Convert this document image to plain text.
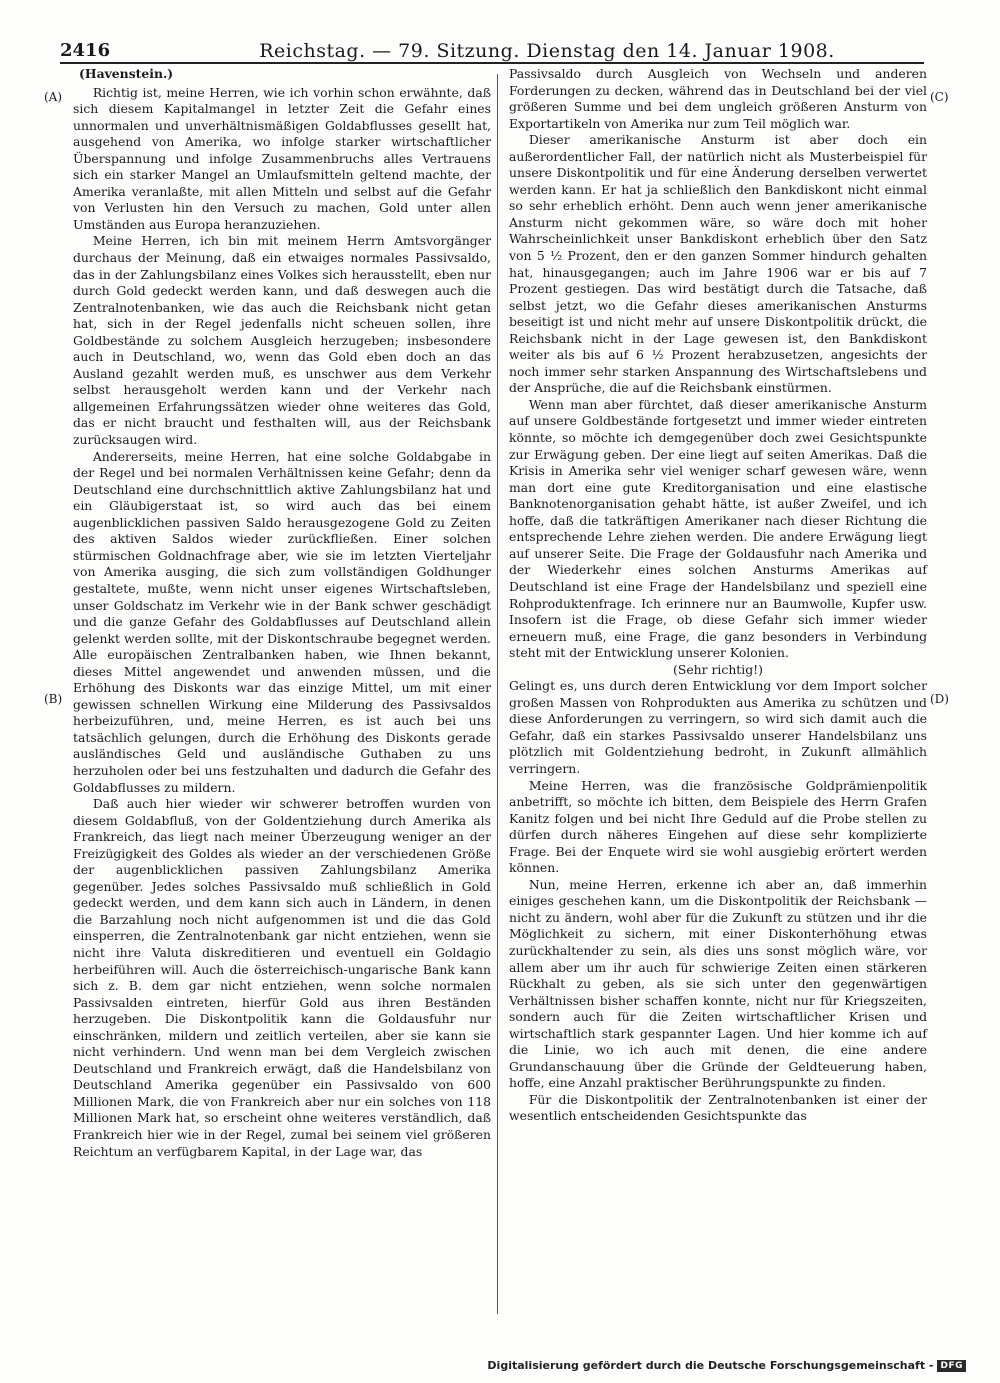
2416	Reichstag. — 79. Sitzung. Dienstag den 14. Januar 1908.
(A)
(B)
(C)
(D)
(Havenstein.)

Richtig ist, meine Herren, wie ich vorhin schon erwähnte, daß sich diesem Kapitalmangel in letzter Zeit die Gefahr eines unnormalen und unverhältnismäßigen Goldabflusses gesellt hat, ausgehend von Amerika, wo infolge starker wirtschaftlicher Überspannung und infolge Zusammenbruchs alles Vertrauens sich ein starker Mangel an Umlaufsmitteln geltend machte, der Amerika veranlaßte, mit allen Mitteln und selbst auf die Gefahr von Verlusten hin den Versuch zu machen, Gold unter allen Umständen aus Europa heranzuziehen.

Meine Herren, ich bin mit meinem Herrn Amtsvorgänger durchaus der Meinung, daß ein etwaiges normales Passivsaldo, das in der Zahlungsbilanz eines Volkes sich herausstellt, eben nur durch Gold gedeckt werden kann, und daß deswegen auch die Zentralnotenbanken, wie das auch die Reichsbank nicht getan hat, sich in der Regel jedenfalls nicht scheuen sollen, ihre Goldbestände zu solchem Ausgleich herzugeben; insbesondere auch in Deutschland, wo, wenn das Gold eben doch an das Ausland gezahlt werden muß, es unschwer aus dem Verkehr selbst herausgeholt werden kann und der Verkehr nach allgemeinen Erfahrungssätzen wieder ohne weiteres das Gold, das er nicht braucht und festhalten will, aus der Reichsbank zurücksaugen wird.

Andererseits, meine Herren, hat eine solche Goldabgabe in der Regel und bei normalen Verhältnissen keine Gefahr; denn da Deutschland eine durchschnittlich aktive Zahlungsbilanz hat und ein Gläubigerstaat ist, so wird auch das bei einem augenblicklichen passiven Saldo herausgezogene Gold zu Zeiten des aktiven Saldos wieder zurückfließen. Einer solchen stürmischen Goldnachfrage aber, wie sie im letzten Vierteljahr von Amerika ausging, die sich zum vollständigen Goldhunger gestaltete, mußte, wenn nicht unser eigenes Wirtschaftsleben, unser Goldschatz im Verkehr wie in der Bank schwer geschädigt und die ganze Gefahr des Goldabflusses auf Deutschland allein gelenkt werden sollte, mit der Diskontschraube begegnet werden. Alle europäischen Zentralbanken haben, wie Ihnen bekannt, dieses Mittel angewendet und anwenden müssen, und die Erhöhung des Diskonts war das einzige Mittel, um mit einer gewissen schnellen Wirkung eine Milderung des Passivsaldos herbeizuführen, und, meine Herren, es ist auch bei uns tatsächlich gelungen, durch die Erhöhung des Diskonts gerade ausländisches Geld und ausländische Guthaben zu uns herzuholen oder bei uns festzuhalten und dadurch die Gefahr des Goldabflusses zu mildern.

Daß auch hier wieder wir schwerer betroffen wurden von diesem Goldabfluß, von der Goldentziehung durch Amerika als Frankreich, das liegt nach meiner Überzeugung weniger an der Freizügigkeit des Goldes als wieder an der verschiedenen Größe der augenblicklichen passiven Zahlungsbilanz Amerika gegenüber. Jedes solches Passivsaldo muß schließlich in Gold gedeckt werden, und dem kann sich auch in Ländern, in denen die Barzahlung noch nicht aufgenommen ist und die das Gold einsperren, die Zentralnotenbank gar nicht entziehen, wenn sie nicht ihre Valuta diskreditieren und eventuell ein Goldagio herbeiführen will. Auch die österreichisch-ungarische Bank kann sich z. B. dem gar nicht entziehen, wenn solche normalen Passivsalden eintreten, hierfür Gold aus ihren Beständen herzugeben. Die Diskontpolitik kann die Goldausfuhr nur einschränken, mildern und zeitlich verteilen, aber sie kann sie nicht verhindern. Und wenn man bei dem Vergleich zwischen Deutschland und Frankreich erwägt, daß die Handelsbilanz von Deutschland Amerika gegenüber ein Passivsaldo von 600 Millionen Mark, die von Frankreich aber nur ein solches von 118 Millionen Mark hat, so erscheint ohne weiteres verständlich, daß Frankreich hier wie in der Regel, zumal bei seinem viel größeren Reichtum an verfügbarem Kapital, in der Lage war, das

Passivsaldo durch Ausgleich von Wechseln und anderen Forderungen zu decken, während das in Deutschland bei der viel größeren Summe und bei dem ungleich größeren Ansturm von Exportartikeln von Amerika nur zum Teil möglich war.

Dieser amerikanische Ansturm ist aber doch ein außerordentlicher Fall, der natürlich nicht als Musterbeispiel für unsere Diskontpolitik und für eine Änderung derselben verwertet werden kann. Er hat ja schließlich den Bankdiskont nicht einmal so sehr erheblich erhöht. Denn auch wenn jener amerikanische Ansturm nicht gekommen wäre, so wäre doch mit hoher Wahrscheinlichkeit unser Bankdiskont erheblich über den Satz von 5 ½ Prozent, den er den ganzen Sommer hindurch gehalten hat, hinausgegangen; auch im Jahre 1906 war er bis auf 7 Prozent gestiegen. Das wird bestätigt durch die Tatsache, daß selbst jetzt, wo die Gefahr dieses amerikanischen Ansturms beseitigt ist und nicht mehr auf unsere Diskontpolitik drückt, die Reichsbank nicht in der Lage gewesen ist, den Bankdiskont weiter als bis auf 6 ½ Prozent herabzusetzen, angesichts der noch immer sehr starken Anspannung des Wirtschaftslebens und der Ansprüche, die auf die Reichsbank einstürmen.

Wenn man aber fürchtet, daß dieser amerikanische Ansturm auf unsere Goldbestände fortgesetzt und immer wieder eintreten könnte, so möchte ich demgegenüber doch zwei Gesichtspunkte zur Erwägung geben. Der eine liegt auf seiten Amerikas. Daß die Krisis in Amerika sehr viel weniger scharf gewesen wäre, wenn man dort eine gute Kreditorganisation und eine elastische Banknotenorganisation gehabt hätte, ist außer Zweifel, und ich hoffe, daß die tatkräftigen Amerikaner nach dieser Richtung die entsprechende Lehre ziehen werden. Die andere Erwägung liegt auf unserer Seite. Die Frage der Goldausfuhr nach Amerika und der Wiederkehr eines solchen Ansturms Amerikas auf Deutschland ist eine Frage der Handelsbilanz und speziell eine Rohproduktenfrage. Ich erinnere nur an Baumwolle, Kupfer usw. Insofern ist die Frage, ob diese Gefahr sich immer wieder erneuern muß, eine Frage, die ganz besonders in Verbindung steht mit der Entwicklung unserer Kolonien.

(Sehr richtig!)

Gelingt es, uns durch deren Entwicklung vor dem Import solcher großen Massen von Rohprodukten aus Amerika zu schützen und diese Anforderungen zu verringern, so wird sich damit auch die Gefahr, daß ein starkes Passivsaldo unserer Handelsbilanz uns plötzlich mit Goldentziehung bedroht, in Zukunft allmählich verringern.

Meine Herren, was die französische Goldprämienpolitik anbetrifft, so möchte ich bitten, dem Beispiele des Herrn Grafen Kanitz folgen und bei nicht Ihre Geduld auf die Probe stellen zu dürfen durch näheres Eingehen auf diese sehr komplizierte Frage. Bei der Enquete wird sie wohl ausgiebig erörtert werden können.

Nun, meine Herren, erkenne ich aber an, daß immerhin einiges geschehen kann, um die Diskontpolitik der Reichsbank — nicht zu ändern, wohl aber für die Zukunft zu stützen und ihr die Möglichkeit zu sichern, mit einer Diskonterhöhung etwas zurückhaltender zu sein, als dies uns sonst möglich wäre, vor allem aber um ihr auch für schwierige Zeiten einen stärkeren Rückhalt zu geben, als sie sich unter den gegenwärtigen Verhältnissen bisher schaffen konnte, nicht nur für Kriegszeiten, sondern auch für die Zeiten wirtschaftlicher Krisen und wirtschaftlich stark gespannter Lagen. Und hier komme ich auf die Linie, wo ich auch mit denen, die eine andere Grundanschauung über die Gründe der Geldteuerung haben, hoffe, eine Anzahl praktischer Berührungspunkte zu finden.

Für die Diskontpolitik der Zentralnotenbanken ist einer der wesentlich entscheidenden Gesichtspunkte das

Digitalisierung gefördert durch die Deutsche Forschungsgemeinschaft - DFG
